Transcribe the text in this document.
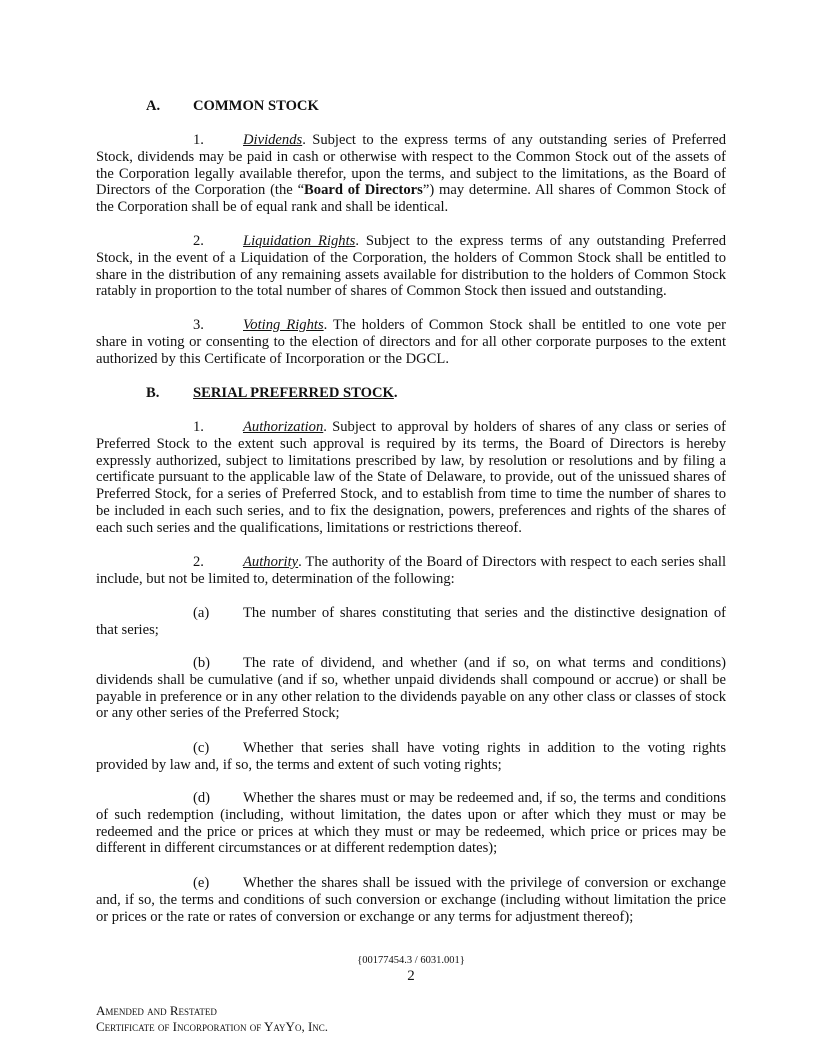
A. COMMON STOCK
1.	Dividends. Subject to the express terms of any outstanding series of Preferred Stock, dividends may be paid in cash or otherwise with respect to the Common Stock out of the assets of the Corporation legally available therefor, upon the terms, and subject to the limitations, as the Board of Directors of the Corporation (the “Board of Directors”) may determine. All shares of Common Stock of the Corporation shall be of equal rank and shall be identical.
2.	Liquidation Rights. Subject to the express terms of any outstanding Preferred Stock, in the event of a Liquidation of the Corporation, the holders of Common Stock shall be entitled to share in the distribution of any remaining assets available for distribution to the holders of Common Stock ratably in proportion to the total number of shares of Common Stock then issued and outstanding.
3.	Voting Rights. The holders of Common Stock shall be entitled to one vote per share in voting or consenting to the election of directors and for all other corporate purposes to the extent authorized by this Certificate of Incorporation or the DGCL.
B. SERIAL PREFERRED STOCK.
1.	Authorization. Subject to approval by holders of shares of any class or series of Preferred Stock to the extent such approval is required by its terms, the Board of Directors is hereby expressly authorized, subject to limitations prescribed by law, by resolution or resolutions and by filing a certificate pursuant to the applicable law of the State of Delaware, to provide, out of the unissued shares of Preferred Stock, for a series of Preferred Stock, and to establish from time to time the number of shares to be included in each such series, and to fix the designation, powers, preferences and rights of the shares of each such series and the qualifications, limitations or restrictions thereof.
2.	Authority. The authority of the Board of Directors with respect to each series shall include, but not be limited to, determination of the following:
(a) The number of shares constituting that series and the distinctive designation of that series;
(b) The rate of dividend, and whether (and if so, on what terms and conditions) dividends shall be cumulative (and if so, whether unpaid dividends shall compound or accrue) or shall be payable in preference or in any other relation to the dividends payable on any other class or classes of stock or any other series of the Preferred Stock;
(c) Whether that series shall have voting rights in addition to the voting rights provided by law and, if so, the terms and extent of such voting rights;
(d) Whether the shares must or may be redeemed and, if so, the terms and conditions of such redemption (including, without limitation, the dates upon or after which they must or may be redeemed and the price or prices at which they must or may be redeemed, which price or prices may be different in different circumstances or at different redemption dates);
(e) Whether the shares shall be issued with the privilege of conversion or exchange and, if so, the terms and conditions of such conversion or exchange (including without limitation the price or prices or the rate or rates of conversion or exchange or any terms for adjustment thereof);
{00177454.3 / 6031.001}
2
Amended and Restated
Certificate of Incorporation of YayYo, Inc.
